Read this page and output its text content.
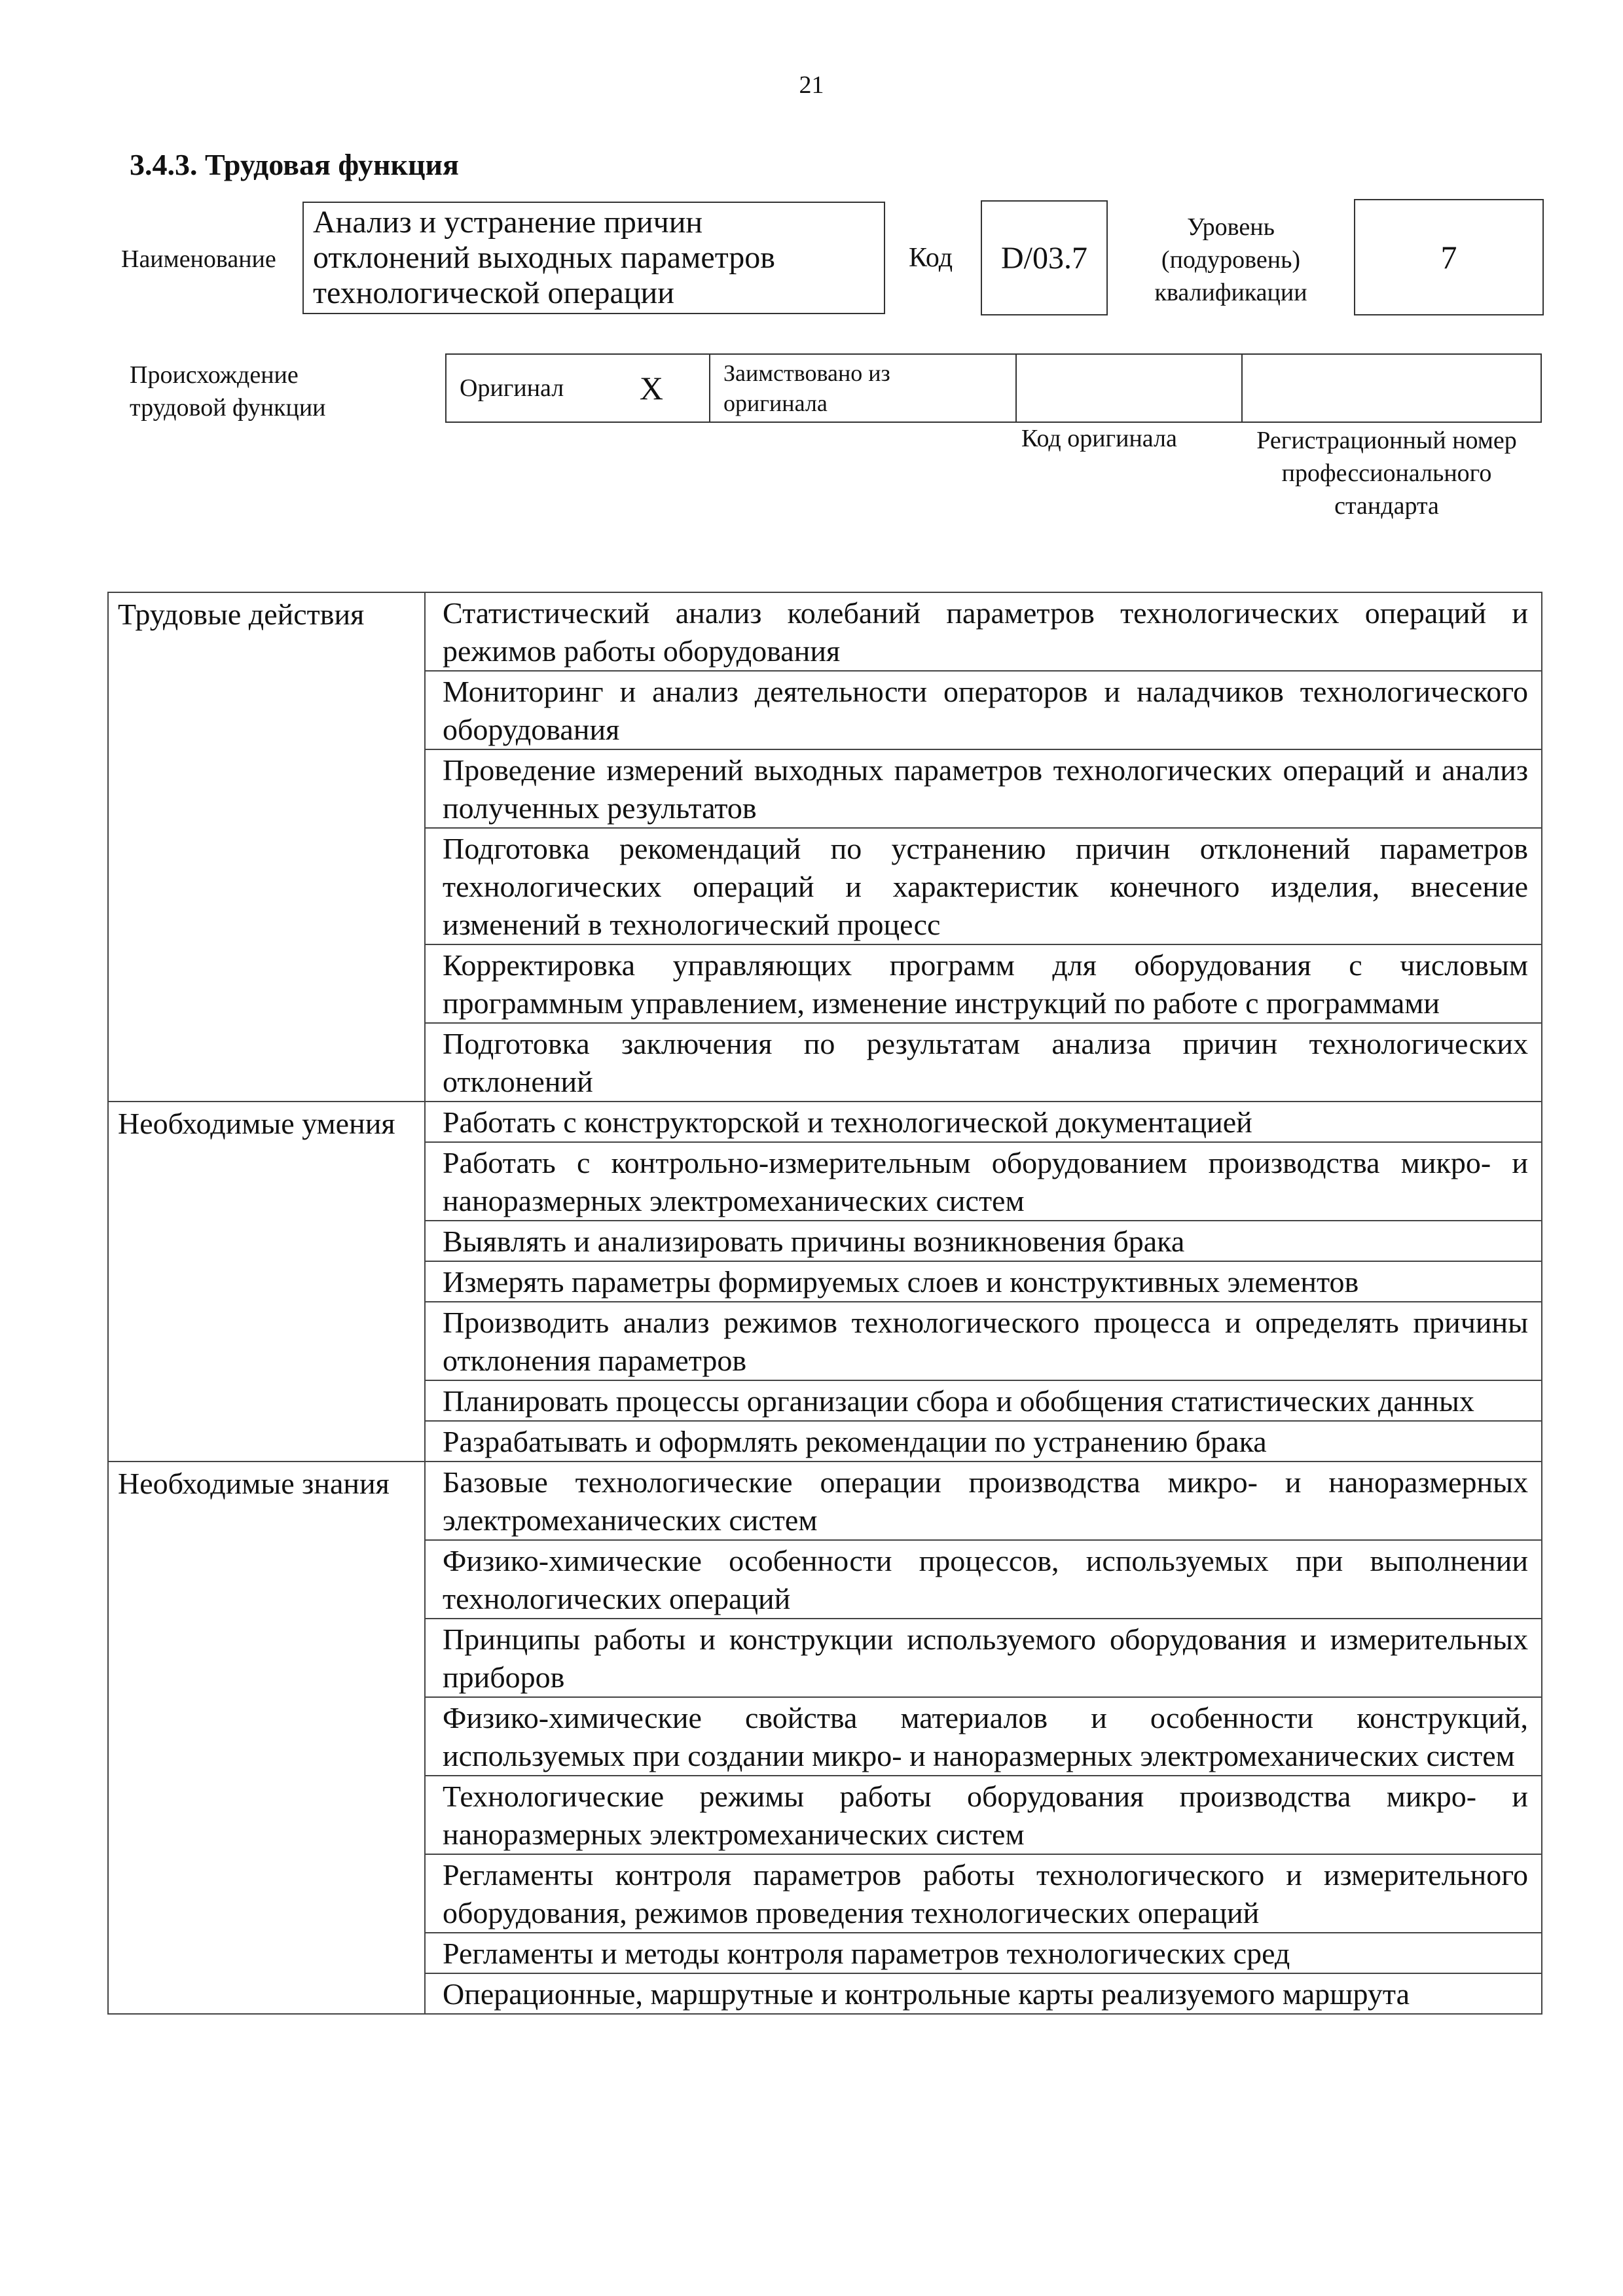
21
3.4.3. Трудовая функция
Наименование
Анализ и устранение причин
отклонений выходных параметров
технологической операции
Код	D/03.7
Уровень
(подуровень)
квалификации
7
Происхождение
трудовой функции
Оригинал X	Заимствовано из
оригинала
Код оригинала	Регистрационный номер
профессионального
стандарта
Трудовые действия	Статистический анализ колебаний параметров технологических операций и режимов работы оборудования
	Мониторинг и анализ деятельности операторов и наладчиков технологического оборудования
	Проведение измерений выходных параметров технологических операций и анализ полученных результатов
	Подготовка рекомендаций по устранению причин отклонений параметров технологических операций и характеристик конечного изделия, внесение изменений в технологический процесс
	Корректировка управляющих программ для оборудования с числовым программным управлением, изменение инструкций по работе с программами
	Подготовка заключения по результатам анализа причин технологических отклонений
Необходимые умения	Работать с конструкторской и технологической документацией
	Работать с контрольно-измерительным оборудованием производства микро- и наноразмерных электромеханических систем
	Выявлять и анализировать причины возникновения брака
	Измерять параметры формируемых слоев и конструктивных элементов
	Производить анализ режимов технологического процесса и определять причины отклонения параметров
	Планировать процессы организации сбора и обобщения статистических данных
	Разрабатывать и оформлять рекомендации по устранению брака
Необходимые знания	Базовые технологические операции производства микро- и наноразмерных электромеханических систем
	Физико-химические особенности процессов, используемых при выполнении технологических операций
	Принципы работы и конструкции используемого оборудования и измерительных приборов
	Физико-химические свойства материалов и особенности конструкций, используемых при создании микро- и наноразмерных электромеханических систем
	Технологические режимы работы оборудования производства микро- и наноразмерных электромеханических систем
	Регламенты контроля параметров работы технологического и измерительного оборудования, режимов проведения технологических операций
	Регламенты и методы контроля параметров технологических сред
	Операционные, маршрутные и контрольные карты реализуемого маршрута
